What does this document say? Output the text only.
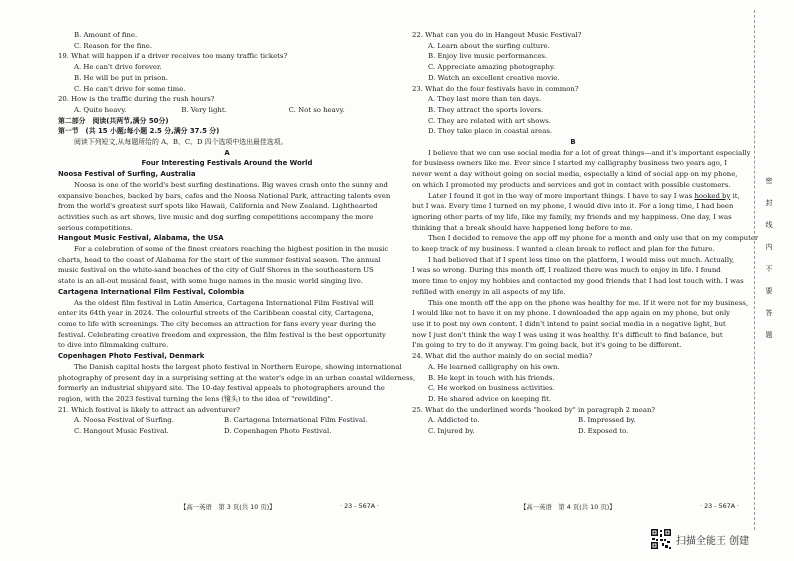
B. Amount of fine.
C. Reason for the fine.
19. What will happen if a driver receives too many traffic tickets?
A. He can't drive forever.
B. He will be put in prison.
C. He can't drive for some time.
20. How is the traffic during the rush hours?
A. Quite heavy.	B. Very light.	C. Not so heavy.
第二部分　阅读(共两节,满分 50分)
第一节　(共 15 小题;每小题 2.5 分,满分 37.5 分)
阅读下列短文,从每题所给的 A、B、C、D 四个选项中选出最佳选项。
A
Four Interesting Festivals Around the World
Noosa Festival of Surfing, Australia
Noosa is one of the world's best surfing destinations. Big waves crash onto the sunny and
expansive beaches, backed by bars, cafes and the Noosa National Park, attracting talents even
from the world's greatest surf spots like Hawaii, California and New Zealand. Lighthearted
activities such as art shows, live music and dog surfing competitions accompany the more
serious competitions.
Hangout Music Festival, Alabama, the USA
For a celebration of some of the finest creators reaching the highest position in the music
charts, head to the coast of Alabama for the start of the summer festival season. The annual
music festival on the white-sand beaches of the city of Gulf Shores in the southeastern US
state is an all-out musical feast, with some huge names in the music world singing live.
Cartagena International Film Festival, Colombia
As the oldest film festival in Latin America, Cartagena International Film Festival will
enter its 64th year in 2024. The colourful streets of the Caribbean coastal city, Cartagena,
come to life with screenings. The city becomes an attraction for fans every year during the
festival. Celebrating creative freedom and expression, the film festival is the best opportunity
to dive into filmmaking culture.
Copenhagen Photo Festival, Denmark
The Danish capital hosts the largest photo festival in Northern Europe, showing international
photography of present day in a surprising setting at the water's edge in an urban coastal wilderness,
formerly an industrial shipyard site. The 10-day festival appeals to photographers around the
region, with the 2023 festival turning the lens (镜头) to the idea of "rewilding".
21. Which festival is likely to attract an adventurer?
A. Noosa Festival of Surfing.	B. Cartagena International Film Festival.
C. Hangout Music Festival.	D. Copenhagen Photo Festival.
22. What can you do in Hangout Music Festival?
A. Learn about the surfing culture.
B. Enjoy live music performances.
C. Appreciate amazing photography.
D. Watch an excellent creative movie.
23. What do the four festivals have in common?
A. They last more than ten days.
B. They attract the sports lovers.
C. They are related with art shows.
D. They take place in coastal areas.
B
I believe that we can use social media for a lot of great things—and it's important especially
for business owners like me. Ever since I started my calligraphy business two years ago, I
never went a day without going on social media, especially a kind of social app on my phone,
on which I promoted my products and services and got in contact with possible customers.
Later I found it got in the way of more important things. I have to say I was hooked by it,
but I was. Every time I turned on my phone, I would dive into it. For a long time, I had been
ignoring other parts of my life, like my family, my friends and my happiness. One day, I was
thinking that a break should have happened long before to me.
Then I decided to remove the app off my phone for a month and only use that on my computer
to keep track of my business. I wanted a clean break to reflect and plan for the future.
I had believed that if I spent less time on the platform, I would miss out much. Actually,
I was so wrong. During this month off, I realized there was much to enjoy in life. I found
more time to enjoy my hobbies and contacted my good friends that I had lost touch with. I was
refilled with energy in all aspects of my life.
This one month off the app on the phone was healthy for me. If it were not for my business,
I would like not to have it on my phone. I downloaded the app again on my phone, but only
use it to post my own content. I didn't intend to paint social media in a negative light, but
now I just don't think the way I was using it was healthy. It's difficult to find balance, but
I'm going to try to do it anyway. I'm going back, but it's going to be different.
24. What did the author mainly do on social media?
A. He learned calligraphy on his own.
B. He kept in touch with his friends.
C. He worked on business activities.
D. He shared advice on keeping fit.
25. What do the underlined words "hooked by" in paragraph 2 mean?
A. Addicted to.	B. Impressed by.
C. Injured by.	D. Exposed to.
【高一英语　第 3 页(共 10 页)】	· 23 - 567A ·	【高一英语　第 4 页(共 10 页)】	· 23 - 567A ·
密
封
线
内
不
要
答
题
扫描全能王 创建
